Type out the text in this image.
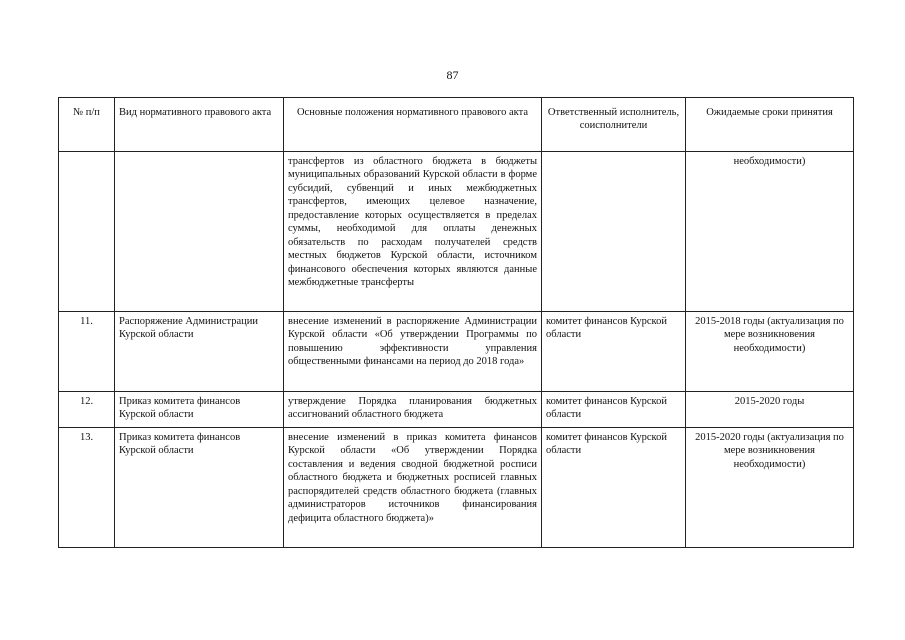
87
№ п/п	Вид нормативного правового акта	Основные положения нормативного правового акта	Ответственный исполнитель, соисполнители	Ожидаемые сроки принятия
		трансфертов из областного бюджета в бюджеты муниципальных образований Курской области в форме субсидий, субвенций и иных межбюджетных трансфертов, имеющих целевое назначение, предоставление которых осуществляется в пределах суммы, необходимой для оплаты денежных обязательств по расходам получателей средств местных бюджетов Курской области, источником финансового обеспечения которых являются данные межбюджетные трансферты		необходимости)
11.	Распоряжение Администрации Курской области	внесение изменений в распоряжение Администрации Курской области «Об утверждении Программы по повышению эффективности управления общественными финансами на период до 2018 года»	комитет финансов Курской области	2015-2018 годы (актуализация по мере возникновения необходимости)
12.	Приказ комитета финансов Курской области	утверждение Порядка планирования бюджетных ассигнований областного бюджета	комитет финансов Курской области	2015-2020 годы
13.	Приказ комитета финансов Курской области	внесение изменений в приказ комитета финансов Курской области «Об утверждении Порядка составления и ведения сводной бюджетной росписи областного бюджета и бюджетных росписей главных распорядителей средств областного бюджета (главных администраторов источников финансирования дефицита областного бюджета)»	комитет финансов Курской области	2015-2020 годы (актуализация по мере возникновения необходимости)
